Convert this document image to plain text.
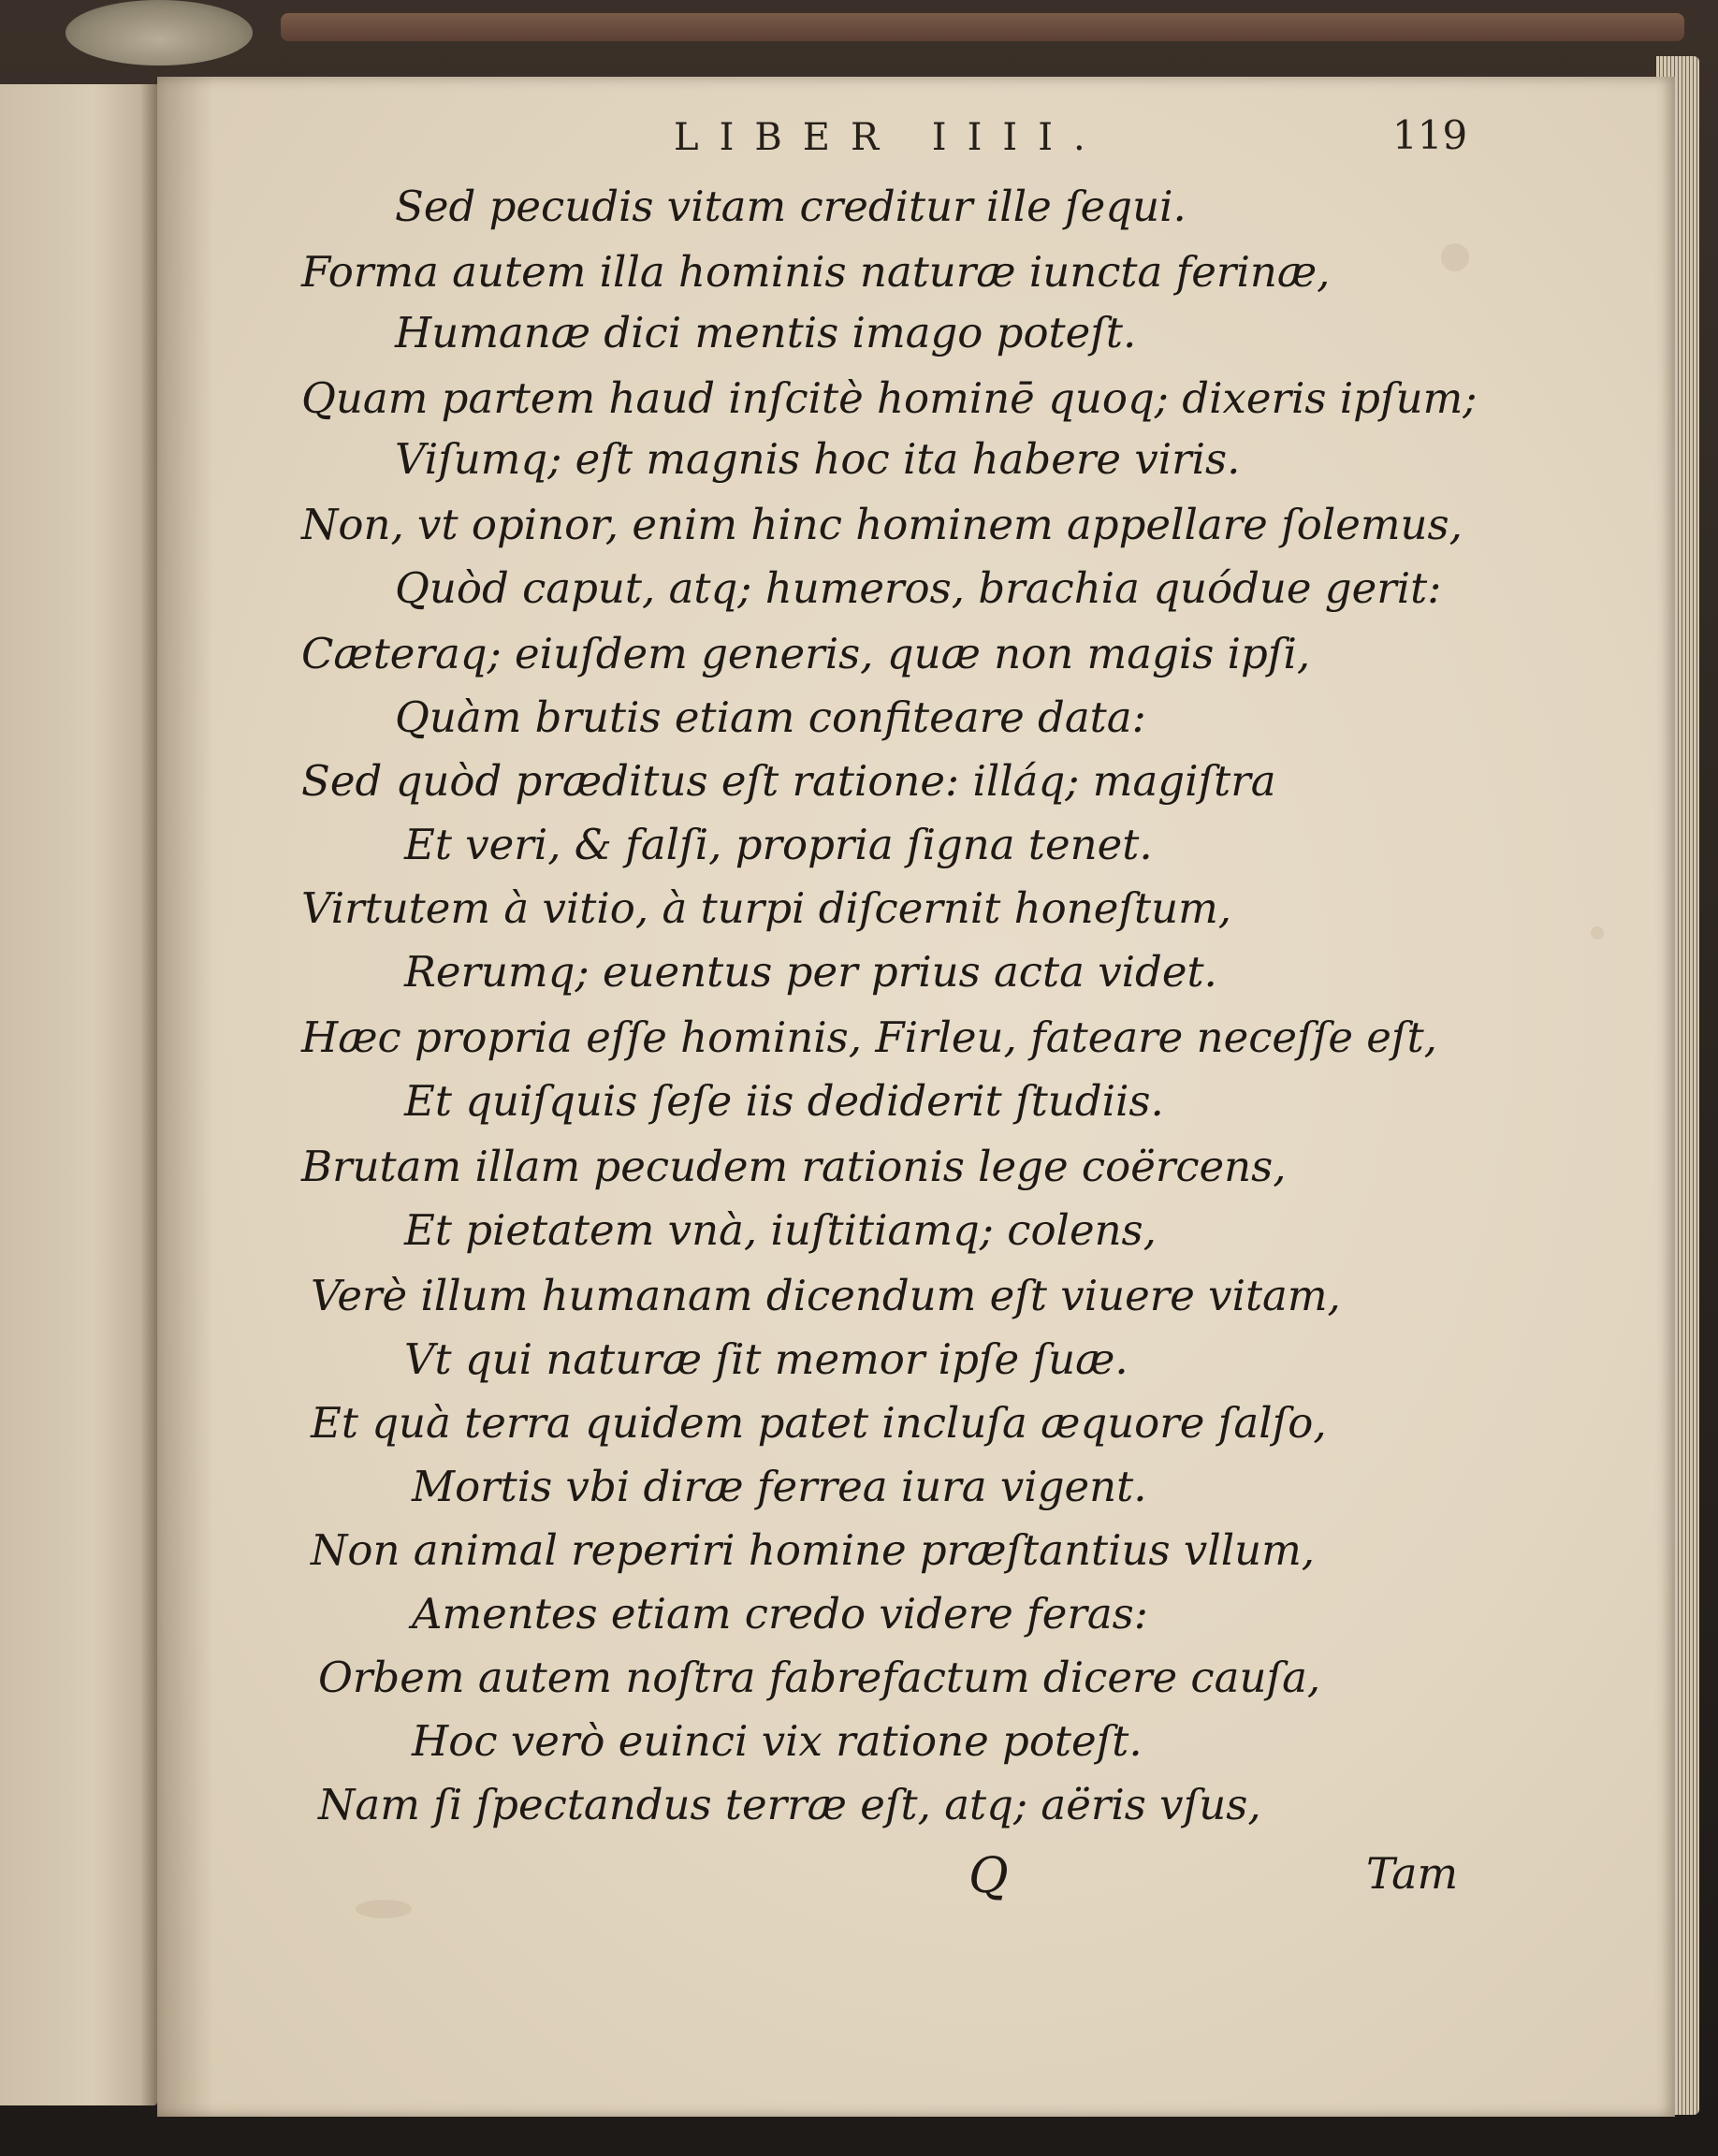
LIBER IIII.	119
Sed pecudis vitam creditur ille ſequi.
Forma autem illa hominis naturæ iuncta ferinæ,
Humanæ dici mentis imago poteſt.
Quam partem haud inſcitè hominē quoq; dixeris ipſum;
Viſumq; eſt magnis hoc ita habere viris.
Non, vt opinor, enim hinc hominem appellare ſolemus,
Quòd caput, atq; humeros, brachia quódue gerit:
Cæteraq; eiuſdem generis, quæ non magis ipſi,
Quàm brutis etiam confiteare data:
Sed quòd præditus eſt ratione: illáq; magiſtra
Et veri, & falſi, propria ſigna tenet.
Virtutem à vitio, à turpi diſcernit honeſtum,
Rerumq; euentus per prius acta videt.
Hæc propria eſſe hominis, Firleu, fateare neceſſe eſt,
Et quiſquis ſeſe iis dediderit ſtudiis.
Brutam illam pecudem rationis lege coërcens,
Et pietatem vnà, iuſtitiamq; colens,
Verè illum humanam dicendum eſt viuere vitam,
Vt qui naturæ ſit memor ipſe ſuæ.
Et quà terra quidem patet incluſa æquore ſalſo,
Mortis vbi diræ ferrea iura vigent.
Non animal reperiri homine præſtantius vllum,
Amentes etiam credo videre feras:
Orbem autem noſtra fabrefactum dicere cauſa,
Hoc verò euinci vix ratione poteſt.
Nam ſi ſpectandus terræ eſt, atq; aëris vſus,
Q	Tam
